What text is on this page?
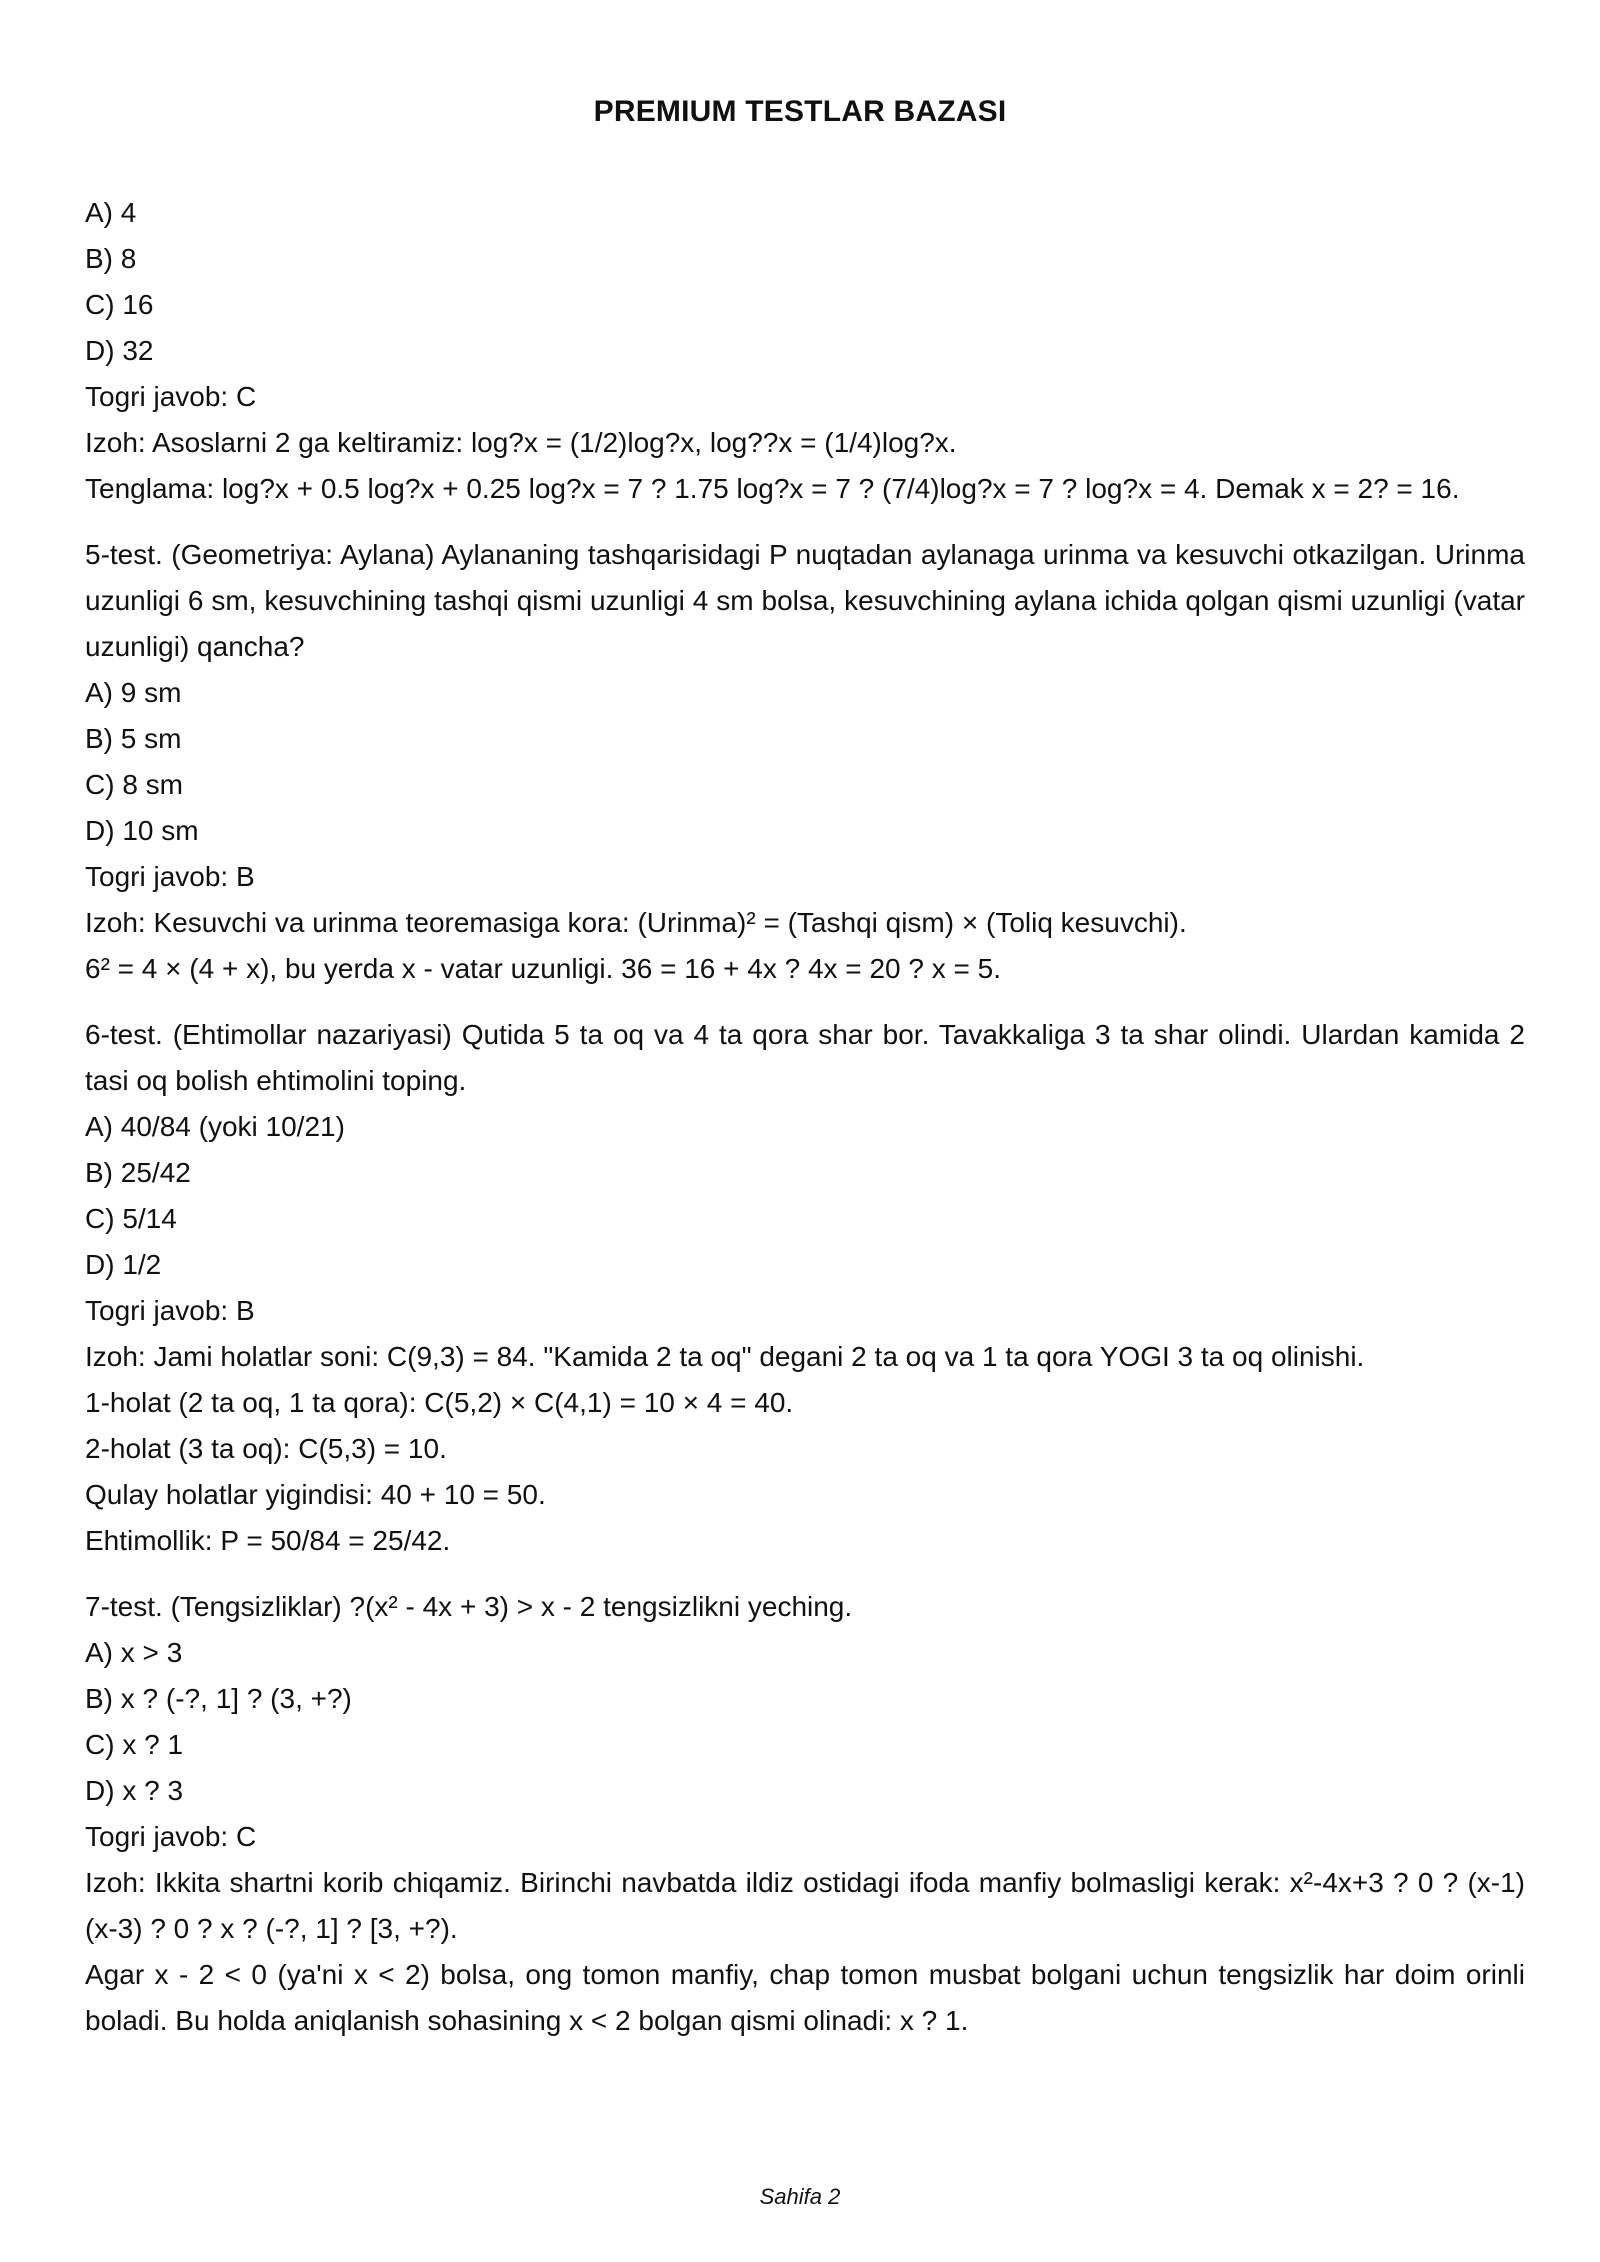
PREMIUM TESTLAR BAZASI
A) 4
B) 8
C) 16
D) 32
Togri javob: C
Izoh: Asoslarni 2 ga keltiramiz: log?x = (1/2)log?x, log??x = (1/4)log?x.
Tenglama: log?x + 0.5 log?x + 0.25 log?x = 7 ? 1.75 log?x = 7 ? (7/4)log?x = 7 ? log?x = 4. Demak x = 2? = 16.
5-test. (Geometriya: Aylana) Aylananing tashqarisidagi P nuqtadan aylanaga urinma va kesuvchi otkazilgan. Urinma uzunligi 6 sm, kesuvchining tashqi qismi uzunligi 4 sm bolsa, kesuvchining aylana ichida qolgan qismi uzunligi (vatar uzunligi) qancha?
A) 9 sm
B) 5 sm
C) 8 sm
D) 10 sm
Togri javob: B
Izoh: Kesuvchi va urinma teoremasiga kora: (Urinma)² = (Tashqi qism) × (Toliq kesuvchi).
6² = 4 × (4 + x), bu yerda x - vatar uzunligi. 36 = 16 + 4x ? 4x = 20 ? x = 5.
6-test. (Ehtimollar nazariyasi) Qutida 5 ta oq va 4 ta qora shar bor. Tavakkaliga 3 ta shar olindi. Ulardan kamida 2 tasi oq bolish ehtimolini toping.
A) 40/84 (yoki 10/21)
B) 25/42
C) 5/14
D) 1/2
Togri javob: B
Izoh: Jami holatlar soni: C(9,3) = 84. "Kamida 2 ta oq" degani 2 ta oq va 1 ta qora YOGI 3 ta oq olinishi.
1-holat (2 ta oq, 1 ta qora): C(5,2) × C(4,1) = 10 × 4 = 40.
2-holat (3 ta oq): C(5,3) = 10.
Qulay holatlar yigindisi: 40 + 10 = 50.
Ehtimollik: P = 50/84 = 25/42.
7-test. (Tengsizliklar) ?(x² - 4x + 3) > x - 2 tengsizlikni yeching.
A) x > 3
B) x ? (-?, 1] ? (3, +?)
C) x ? 1
D) x ? 3
Togri javob: C
Izoh: Ikkita shartni korib chiqamiz. Birinchi navbatda ildiz ostidagi ifoda manfiy bolmasligi kerak: x²-4x+3 ? 0 ? (x-1)(x-3) ? 0 ? x ? (-?, 1] ? [3, +?).
Agar x - 2 < 0 (ya'ni x < 2) bolsa, ong tomon manfiy, chap tomon musbat bolgani uchun tengsizlik har doim orinli boladi. Bu holda aniqlanish sohasining x < 2 bolgan qismi olinadi: x ? 1.
Sahifa 2
